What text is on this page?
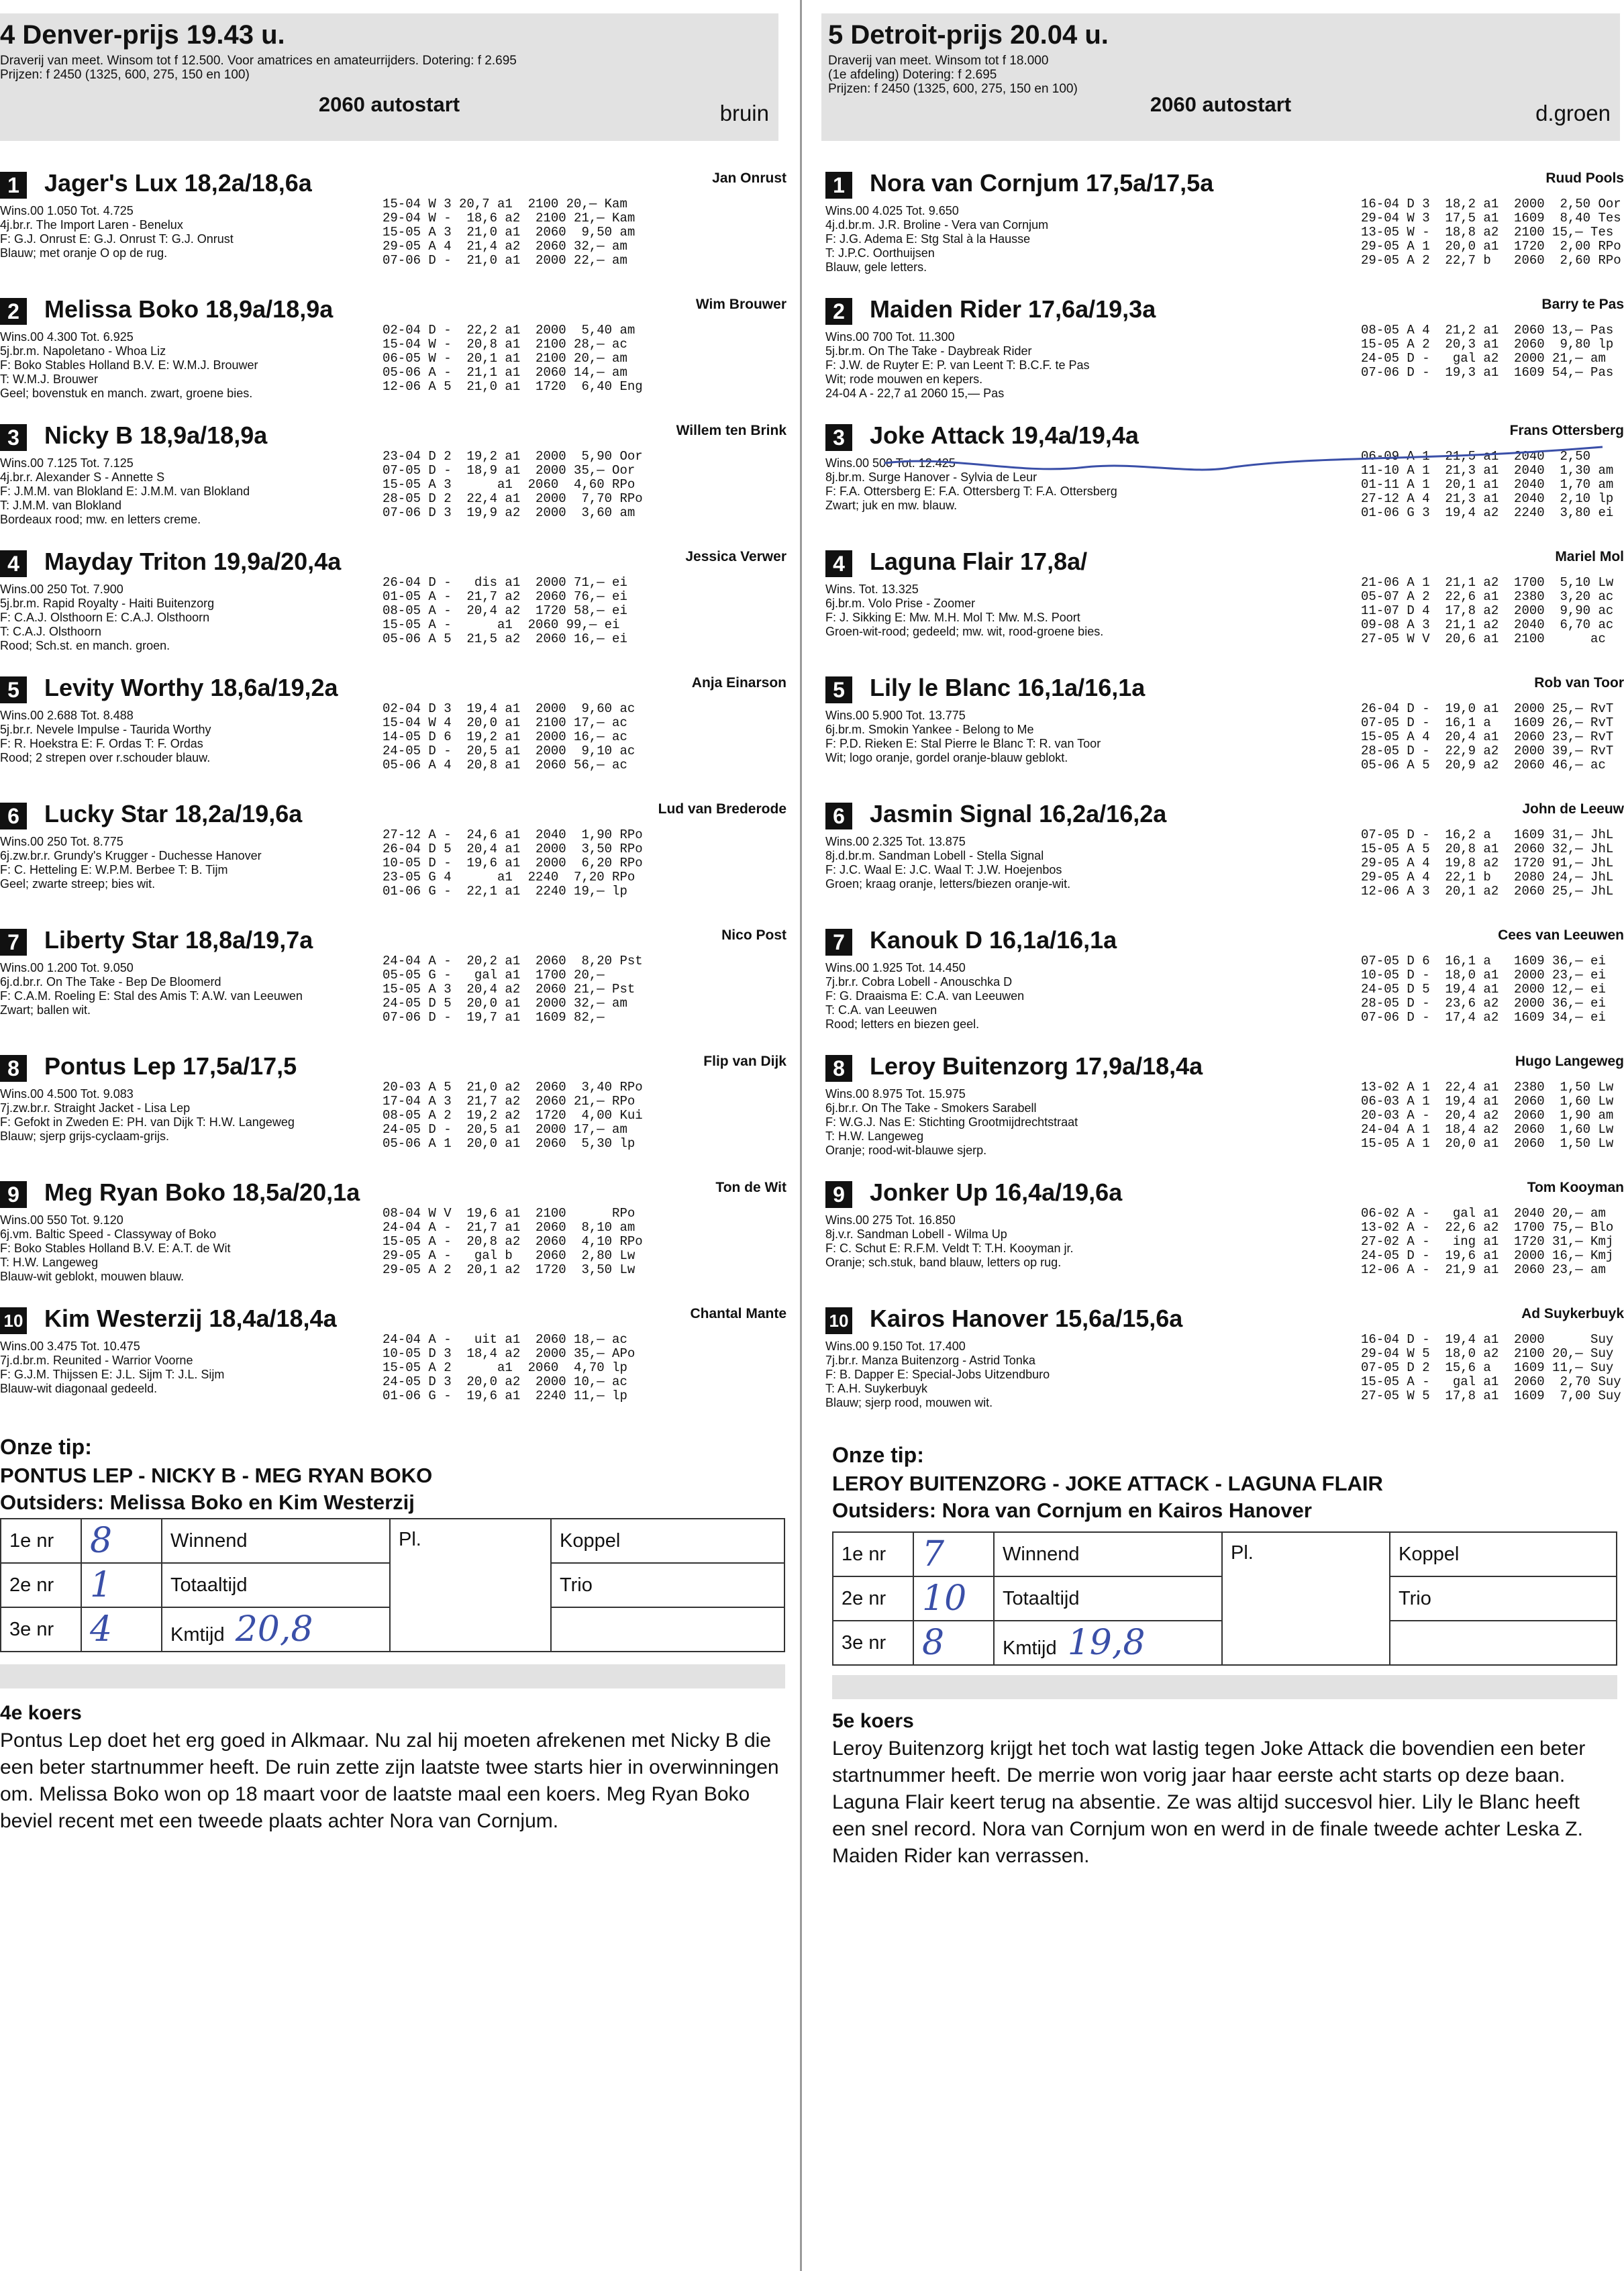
4 Denver-prijs 19.43 u.
Draverij van meet. Winsom tot f 12.500. Voor amatrices en amateurrijders. Dotering: f 2.695
Prijzen: f 2450 (1325, 600, 275, 150 en 100)
2060 autostart	bruin
1	Jager's Lux 18,2a/18,6a	Jan Onrust
Wins.00 1.050 Tot. 4.725
4j.br.r. The Import Laren - Benelux
F: G.J. Onrust E: G.J. Onrust T: G.J. Onrust
Blauw; met oranje O op de rug.
15-04 W 3 20,7 a1  2100 20,— Kam
29-04 W -  18,6 a2  2100 21,— Kam
15-05 A 3  21,0 a1  2060  9,50 am
29-05 A 4  21,4 a2  2060 32,— am
07-06 D -  21,0 a1  2000 22,— am
2	Melissa Boko 18,9a/18,9a	Wim Brouwer
Wins.00 4.300 Tot. 6.925
5j.br.m. Napoletano - Whoa Liz
F: Boko Stables Holland B.V. E: W.M.J. Brouwer
T: W.M.J. Brouwer
Geel; bovenstuk en manch. zwart, groene bies.
02-04 D -  22,2 a1  2000  5,40 am
15-04 W -  20,8 a1  2100 28,— ac
06-05 W -  20,1 a1  2100 20,— am
05-06 A -  21,1 a1  2060 14,— am
12-06 A 5  21,0 a1  1720  6,40 Eng
3	Nicky B 18,9a/18,9a	Willem ten Brink
Wins.00 7.125 Tot. 7.125
4j.br.r. Alexander S - Annette S
F: J.M.M. van Blokland E: J.M.M. van Blokland
T: J.M.M. van Blokland
Bordeaux rood; mw. en letters creme.
23-04 D 2  19,2 a1  2000  5,90 Oor
07-05 D -  18,9 a1  2000 35,— Oor
15-05 A 3      a1  2060  4,60 RPo
28-05 D 2  22,4 a1  2000  7,70 RPo
07-06 D 3  19,9 a2  2000  3,60 am
4	Mayday Triton 19,9a/20,4a	Jessica Verwer
Wins.00 250 Tot. 7.900
5j.br.m. Rapid Royalty - Haiti Buitenzorg
F: C.A.J. Olsthoorn E: C.A.J. Olsthoorn
T: C.A.J. Olsthoorn
Rood; Sch.st. en manch. groen.
26-04 D -   dis a1  2000 71,— ei
01-05 A -  21,7 a2  2060 76,— ei
08-05 A -  20,4 a2  1720 58,— ei
15-05 A -      a1  2060 99,— ei
05-06 A 5  21,5 a2  2060 16,— ei
5	Levity Worthy 18,6a/19,2a	Anja Einarson
Wins.00 2.688 Tot. 8.488
5j.br.r. Nevele Impulse - Taurida Worthy
F: R. Hoekstra E: F. Ordas T: F. Ordas
Rood; 2 strepen over r.schouder blauw.
02-04 D 3  19,4 a1  2000  9,60 ac
15-04 W 4  20,0 a1  2100 17,— ac
14-05 D 6  19,2 a1  2000 16,— ac
24-05 D -  20,5 a1  2000  9,10 ac
05-06 A 4  20,8 a1  2060 56,— ac
6	Lucky Star 18,2a/19,6a	Lud van Brederode
Wins.00 250 Tot. 8.775
6j.zw.br.r. Grundy's Krugger - Duchesse Hanover
F: C. Hetteling E: W.P.M. Berbee T: B. Tijm
Geel; zwarte streep; bies wit.
27-12 A -  24,6 a1  2040  1,90 RPo
26-04 D 5  20,4 a1  2000  3,50 RPo
10-05 D -  19,6 a1  2000  6,20 RPo
23-05 G 4      a1  2240  7,20 RPo
01-06 G -  22,1 a1  2240 19,— lp
7	Liberty Star 18,8a/19,7a	Nico Post
Wins.00 1.200 Tot. 9.050
6j.d.br.r. On The Take - Bep De Bloomerd
F: C.A.M. Roeling E: Stal des Amis T: A.W. van Leeuwen
Zwart; ballen wit.
24-04 A -  20,2 a1  2060  8,20 Pst
05-05 G -   gal a1  1700 20,—
15-05 A 3  20,4 a2  2060 21,— Pst
24-05 D 5  20,0 a1  2000 32,— am
07-06 D -  19,7 a1  1609 82,—
8	Pontus Lep 17,5a/17,5	Flip van Dijk
Wins.00 4.500 Tot. 9.083
7j.zw.br.r. Straight Jacket - Lisa Lep
F: Gefokt in Zweden E: PH. van Dijk T: H.W. Langeweg
Blauw; sjerp grijs-cyclaam-grijs.
20-03 A 5  21,0 a2  2060  3,40 RPo
17-04 A 3  21,7 a2  2060 21,— RPo
08-05 A 2  19,2 a2  1720  4,00 Kui
24-05 D -  20,5 a1  2000 17,— am
05-06 A 1  20,0 a1  2060  5,30 lp
9	Meg Ryan Boko 18,5a/20,1a	Ton de Wit
Wins.00 550 Tot. 9.120
6j.vm. Baltic Speed - Classyway of Boko
F: Boko Stables Holland B.V. E: A.T. de Wit
T: H.W. Langeweg
Blauw-wit geblokt, mouwen blauw.
08-04 W V  19,6 a1  2100      RPo
24-04 A -  21,7 a1  2060  8,10 am
15-05 A -  20,8 a2  2060  4,10 RPo
29-05 A -   gal b   2060  2,80 Lw
29-05 A 2  20,1 a2  1720  3,50 Lw
10 Kim Westerzij 18,4a/18,4a	Chantal Mante
Wins.00 3.475 Tot. 10.475
7j.d.br.m. Reunited - Warrior Voorne
F: G.J.M. Thijssen E: J.L. Sijm T: J.L. Sijm
Blauw-wit diagonaal gedeeld.
24-04 A -   uit a1  2060 18,— ac
10-05 D 3  18,4 a2  2000 35,— APo
15-05 A 2      a1  2060  4,70 lp
24-05 D 3  20,0 a2  2000 10,— ac
01-06 G -  19,6 a1  2240 11,— lp
Onze tip:
PONTUS LEP - NICKY B - MEG RYAN BOKO
Outsiders: Melissa Boko en Kim Westerzij
1e nr	8	Winnend	Pl.	Koppel
2e nr	1	Totaaltijd		Trio
3e nr	4	Kmtijd 20,8		
4e koers
Pontus Lep doet het erg goed in Alkmaar. Nu zal hij moeten afrekenen met Nicky B die een beter startnummer heeft. De ruin zette zijn laatste twee starts hier in overwinningen om. Melissa Boko won op 18 maart voor de laatste maal een koers. Meg Ryan Boko beviel recent met een tweede plaats achter Nora van Cornjum.
5 Detroit-prijs 20.04 u.
Draverij van meet. Winsom tot f 18.000
(1e afdeling) Dotering: f 2.695
Prijzen: f 2450 (1325, 600, 275, 150 en 100)
2060 autostart	d.groen
1	Nora van Cornjum 17,5a/17,5a	Ruud Pools
Wins.00 4.025 Tot. 9.650
4j.d.br.m. J.R. Broline - Vera van Cornjum
F: J.G. Adema E: Stg Stal à la Hausse
T: J.P.C. Oorthuijsen
Blauw, gele letters.
16-04 D 3  18,2 a1  2000  2,50 Oor
29-04 W 3  17,5 a1  1609  8,40 Tes
13-05 W -  18,8 a2  2100 15,— Tes
29-05 A 1  20,0 a1  1720  2,00 RPo
29-05 A 2  22,7 b   2060  2,60 RPo
2	Maiden Rider 17,6a/19,3a	Barry te Pas
Wins.00 700 Tot. 11.300
5j.br.m. On The Take - Daybreak Rider
F: J.W. de Ruyter E: P. van Leent T: B.C.F. te Pas
Wit; rode mouwen en kepers.
24-04 A - 22,7 a1 2060 15,— Pas
08-05 A 4  21,2 a1  2060 13,— Pas
15-05 A 2  20,3 a1  2060  9,80 lp
24-05 D -   gal a2  2000 21,— am
07-06 D -  19,3 a1  1609 54,— Pas
3	Joke Attack 19,4a/19,4a	Frans Ottersberg
Wins.00 500 Tot. 12.425
8j.br.m. Surge Hanover - Sylvia de Leur
F: F.A. Ottersberg E: F.A. Ottersberg T: F.A. Ottersberg
Zwart; juk en mw. blauw.
06-09 A 1  21,5 a1  2040  2,50
11-10 A 1  21,3 a1  2040  1,30 am
01-11 A 1  20,1 a1  2040  1,70 am
27-12 A 4  21,3 a1  2040  2,10 lp
01-06 G 3  19,4 a2  2240  3,80 ei
4	Laguna Flair 17,8a/	Mariel Mol
Wins. Tot. 13.325
6j.br.m. Volo Prise - Zoomer
F: J. Sikking E: Mw. M.H. Mol T: Mw. M.S. Poort
Groen-wit-rood; gedeeld; mw. wit, rood-groene bies.
21-06 A 1  21,1 a2  1700  5,10 Lw
05-07 A 2  22,6 a1  2380  3,20 ac
11-07 D 4  17,8 a2  2000  9,90 ac
09-08 A 3  21,1 a2  2040  6,70 ac
27-05 W V  20,6 a1  2100      ac
5	Lily le Blanc 16,1a/16,1a	Rob van Toor
Wins.00 5.900 Tot. 13.775
6j.br.m. Smokin Yankee - Belong to Me
F: P.D. Rieken E: Stal Pierre le Blanc T: R. van Toor
Wit; logo oranje, gordel oranje-blauw geblokt.
26-04 D -  19,0 a1  2000 25,— RvT
07-05 D -  16,1 a   1609 26,— RvT
15-05 A 4  20,4 a1  2060 23,— RvT
28-05 D -  22,9 a2  2000 39,— RvT
05-06 A 5  20,9 a2  2060 46,— ac
6	Jasmin Signal 16,2a/16,2a	John de Leeuw
Wins.00 2.325 Tot. 13.875
8j.d.br.m. Sandman Lobell - Stella Signal
F: J.C. Waal E: J.C. Waal T: J.W. Hoejenbos
Groen; kraag oranje, letters/biezen oranje-wit.
07-05 D -  16,2 a   1609 31,— JhL
15-05 A 5  20,8 a1  2060 32,— JhL
29-05 A 4  19,8 a2  1720 91,— JhL
29-05 A 4  22,1 b   2080 24,— JhL
12-06 A 3  20,1 a2  2060 25,— JhL
7	Kanouk D 16,1a/16,1a	Cees van Leeuwen
Wins.00 1.925 Tot. 14.450
7j.br.r. Cobra Lobell - Anouschka D
F: G. Draaisma E: C.A. van Leeuwen
T: C.A. van Leeuwen
Rood; letters en biezen geel.
07-05 D 6  16,1 a   1609 36,— ei
10-05 D -  18,0 a1  2000 23,— ei
24-05 D 5  19,4 a1  2000 12,— ei
28-05 D -  23,6 a2  2000 36,— ei
07-06 D -  17,4 a2  1609 34,— ei
8	Leroy Buitenzorg 17,9a/18,4a	Hugo Langeweg
Wins.00 8.975 Tot. 15.975
6j.br.r. On The Take - Smokers Sarabell
F: W.G.J. Nas E: Stichting Grootmijdrechtstraat
T: H.W. Langeweg
Oranje; rood-wit-blauwe sjerp.
13-02 A 1  22,4 a1  2380  1,50 Lw
06-03 A 1  19,4 a1  2060  1,60 Lw
20-03 A -  20,4 a2  2060  1,90 am
24-04 A 1  18,4 a2  2060  1,60 Lw
15-05 A 1  20,0 a1  2060  1,50 Lw
9	Jonker Up 16,4a/19,6a	Tom Kooyman
Wins.00 275 Tot. 16.850
8j.v.r. Sandman Lobell - Wilma Up
F: C. Schut E: R.F.M. Veldt T: T.H. Kooyman jr.
Oranje; sch.stuk, band blauw, letters op rug.
06-02 A -   gal a1  2040 20,— am
13-02 A -  22,6 a2  1700 75,— Blo
27-02 A -   ing a1  1720 31,— Kmj
24-05 D -  19,6 a1  2000 16,— Kmj
12-06 A -  21,9 a1  2060 23,— am
10 Kairos Hanover 15,6a/15,6a	Ad Suykerbuyk
Wins.00 9.150 Tot. 17.400
7j.br.r. Manza Buitenzorg - Astrid Tonka
F: B. Dapper E: Special-Jobs Uitzendburo
T: A.H. Suykerbuyk
Blauw; sjerp rood, mouwen wit.
16-04 D -  19,4 a1  2000      Suy
29-04 W 5  18,0 a2  2100 20,— Suy
07-05 D 2  15,6 a   1609 11,— Suy
15-05 A -   gal a1  2060  2,70 Suy
27-05 W 5  17,8 a1  1609  7,00 Suy
Onze tip:
LEROY BUITENZORG - JOKE ATTACK - LAGUNA FLAIR
Outsiders: Nora van Cornjum en Kairos Hanover
1e nr	7	Winnend	Pl.	Koppel
2e nr	10	Totaaltijd		Trio
3e nr	8	Kmtijd 19,8		
5e koers
Leroy Buitenzorg krijgt het toch wat lastig tegen Joke Attack die bovendien een beter startnummer heeft. De merrie won vorig jaar haar eerste acht starts op deze baan. Laguna Flair keert terug na absentie. Ze was altijd succesvol hier. Lily le Blanc heeft een snel record. Nora van Cornjum won en werd in de finale tweede achter Leska Z. Maiden Rider kan verrassen.
